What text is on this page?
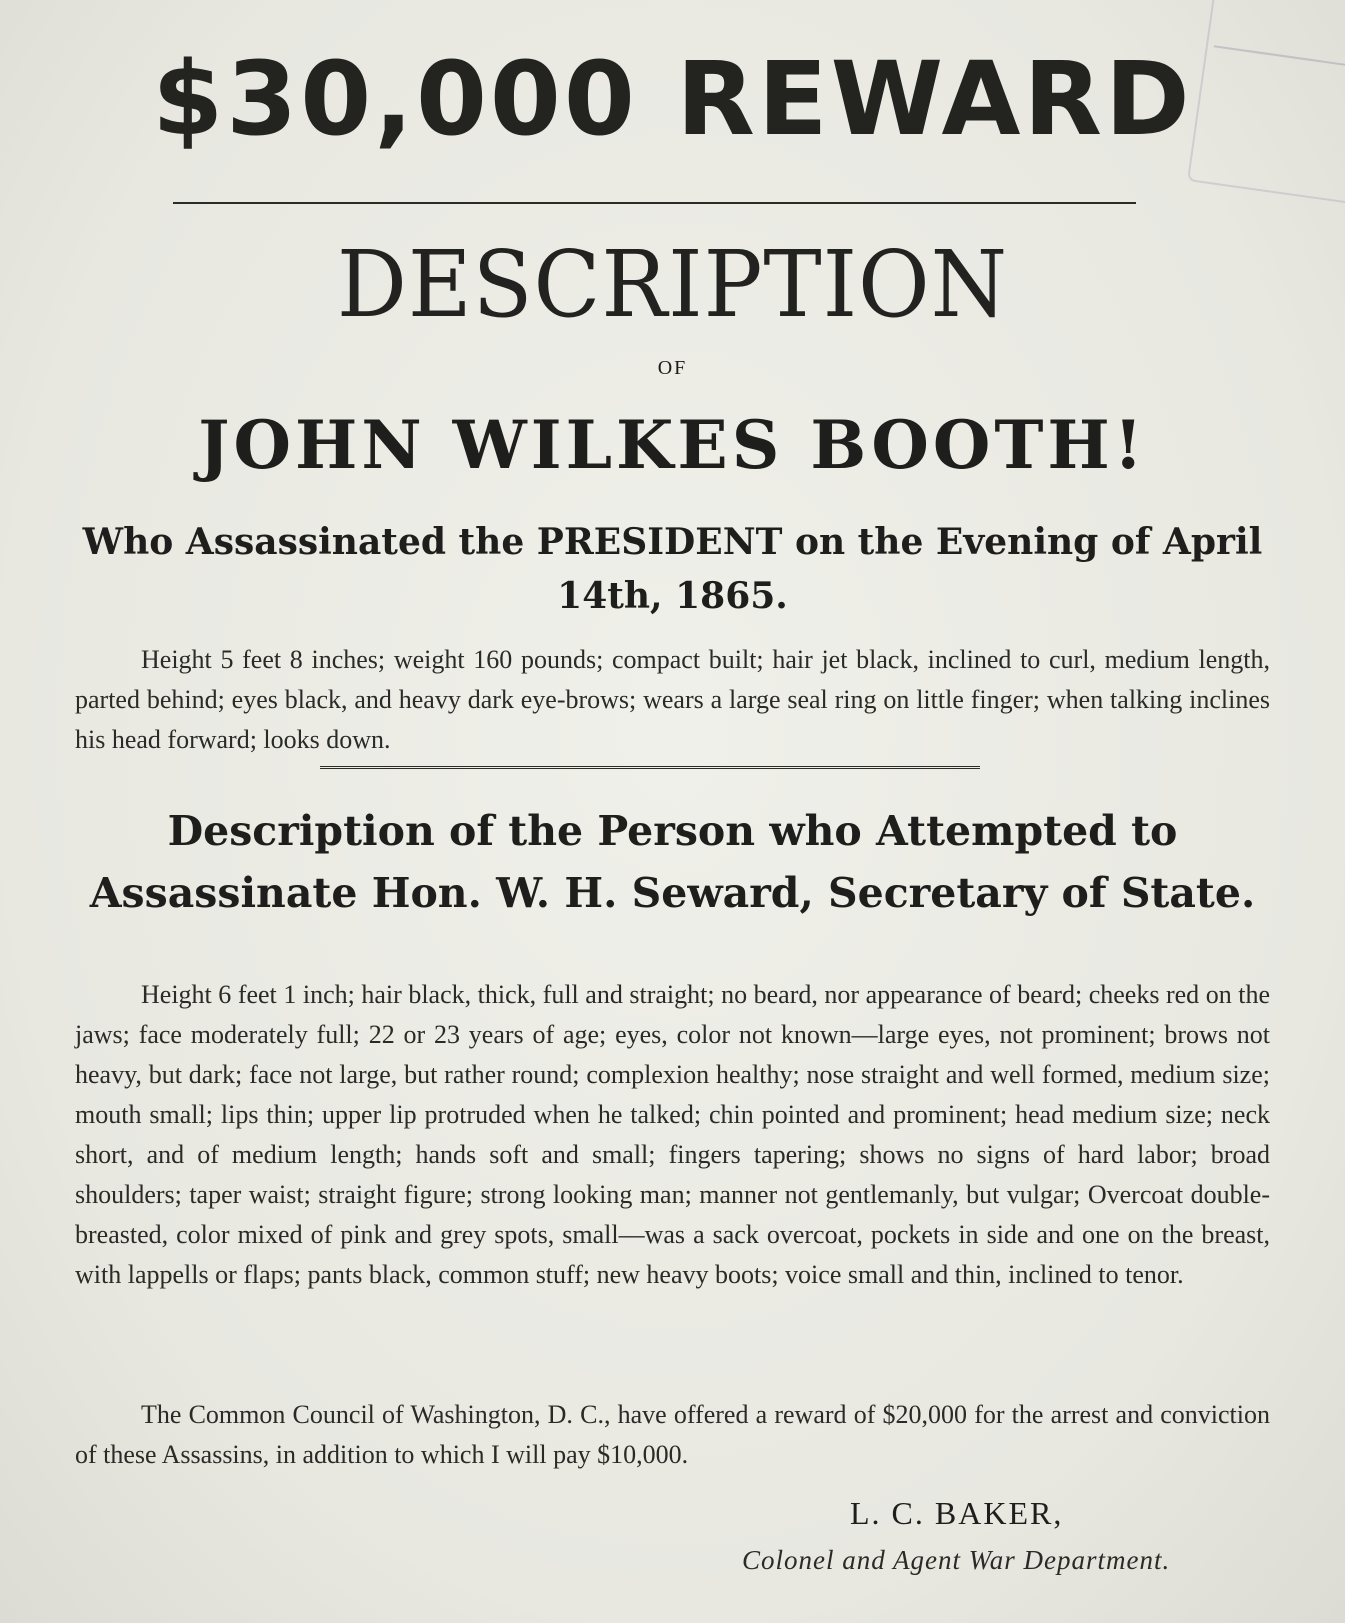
$30,000 REWARD
DESCRIPTION
OF
JOHN WILKES BOOTH!
Who Assassinated the PRESIDENT on the Evening of April 14th, 1865.

Height 5 feet 8 inches; weight 160 pounds; compact built; hair jet black, inclined to curl, medium length, parted behind; eyes black, and heavy dark eye-brows; wears a large seal ring on little finger; when talking inclines his head forward; looks down.

Description of the Person who Attempted to Assassinate Hon. W. H. Seward, Secretary of State.

Height 6 feet 1 inch; hair black, thick, full and straight; no beard, nor appearance of beard; cheeks red on the jaws; face moderately full; 22 or 23 years of age; eyes, color not known—large eyes, not prominent; brows not heavy, but dark; face not large, but rather round; complexion healthy; nose straight and well formed, medium size; mouth small; lips thin; upper lip protruded when he talked; chin pointed and prominent; head medium size; neck short, and of medium length; hands soft and small; fingers tapering; shows no signs of hard labor; broad shoulders; taper waist; straight figure; strong looking man; manner not gentlemanly, but vulgar; Overcoat double-breasted, color mixed of pink and grey spots, small—was a sack overcoat, pockets in side and one on the breast, with lappells or flaps; pants black, common stuff; new heavy boots; voice small and thin, inclined to tenor.

The Common Council of Washington, D. C., have offered a reward of $20,000 for the arrest and conviction of these Assassins, in addition to which I will pay $10,000.

L. C. BAKER,
Colonel and Agent War Department.
